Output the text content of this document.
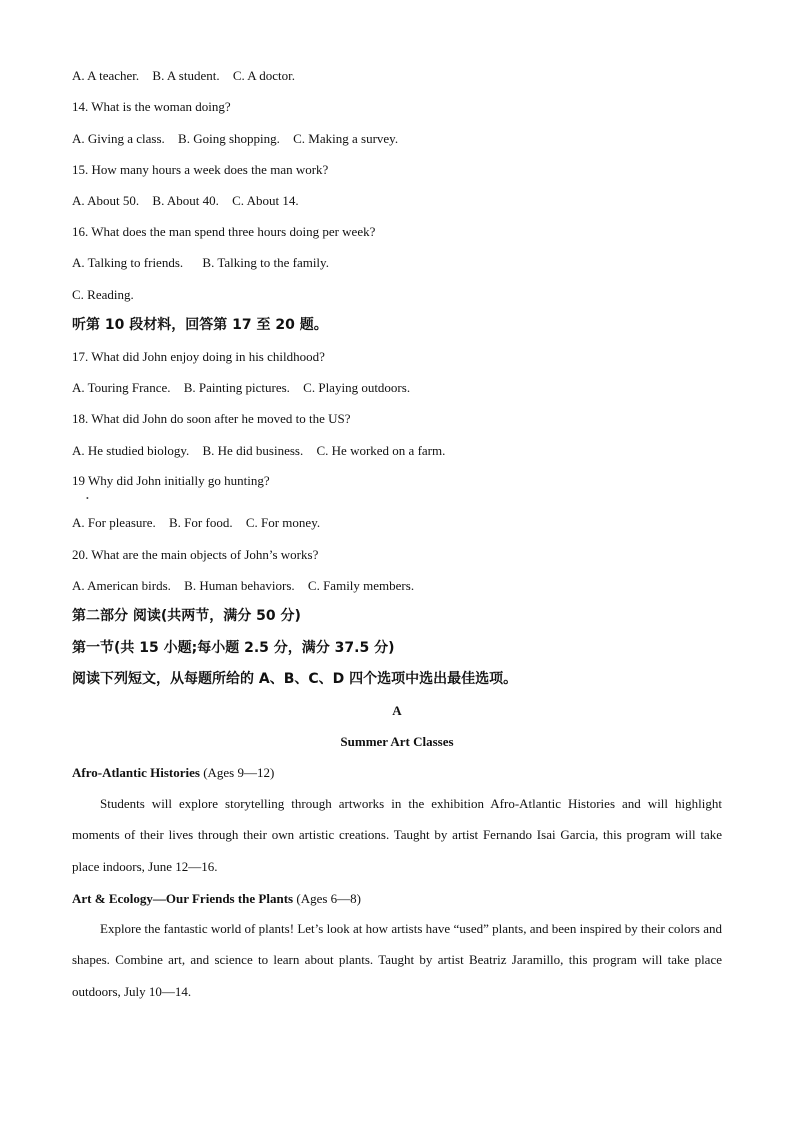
A. A teacher. B. A student. C. A doctor.
14. What is the woman doing?
A. Giving a class. B. Going shopping. C. Making a survey.
15. How many hours a week does the man work?
A. About 50. B. About 40. C. About 14.
16. What does the man spend three hours doing per week?
A. Talking to friends. B. Talking to the family.
C. Reading.
听第 10 段材料，回答第 17 至 20 题。
17. What did John enjoy doing in his childhood?
A. Touring France. B. Painting pictures. C. Playing outdoors.
18. What did John do soon after he moved to the US?
A. He studied biology. B. He did business. C. He worked on a farm.
19 Why did John initially go hunting?
•
A. For pleasure. B. For food. C. For money.
20. What are the main objects of John’s works?
A. American birds. B. Human behaviors. C. Family members.
第二部分 阅读(共两节，满分 50 分)
第一节(共 15 小题;每小题 2.5 分，满分 37.5 分)
阅读下列短文，从每题所给的 A、B、C、D 四个选项中选出最佳选项。
A
Summer Art Classes
Afro-Atlantic Histories (Ages 9—12)
Students will explore storytelling through artworks in the exhibition Afro-Atlantic Histories and will highlight moments of their lives through their own artistic creations. Taught by artist Fernando Isai Garcia, this program will take place indoors, June 12—16.
Art & Ecology—Our Friends the Plants (Ages 6—8)
Explore the fantastic world of plants! Let’s look at how artists have “used” plants, and been inspired by their colors and shapes. Combine art, and science to learn about plants. Taught by artist Beatriz Jaramillo, this program will take place outdoors, July 10—14.
